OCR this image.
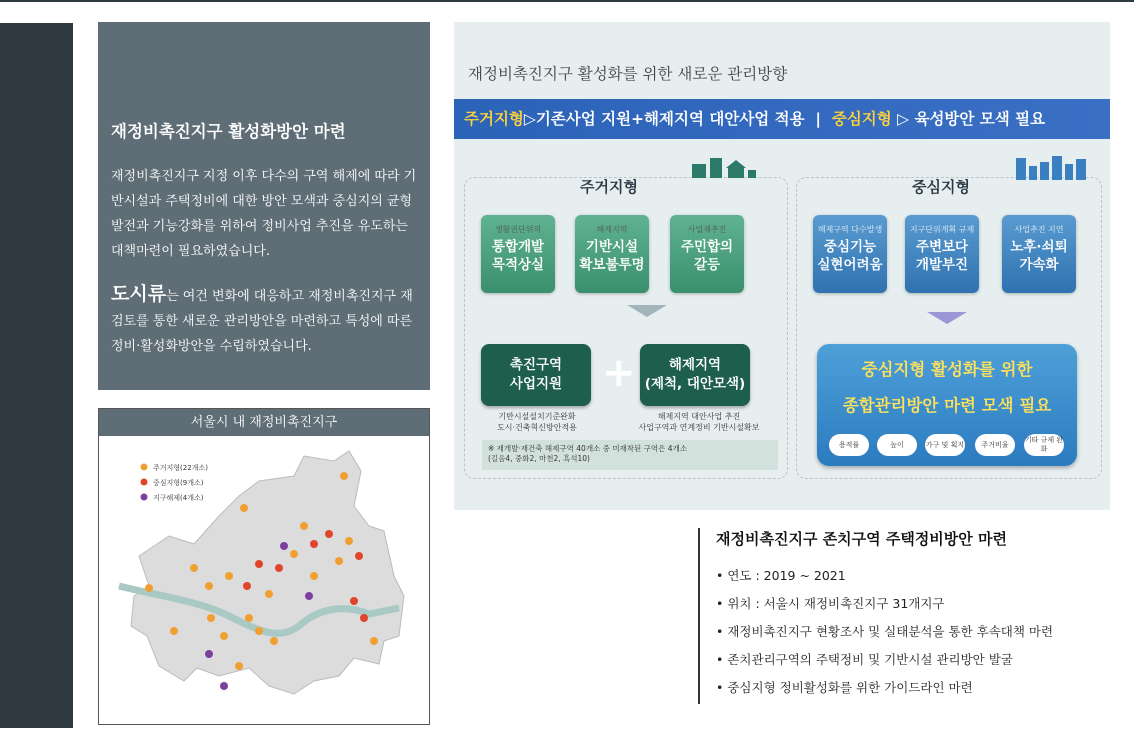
재정비촉진지구 활성화방안 마련

재정비촉진지구 지정 이후 다수의 구역 해제에 따라 기반시설과 주택정비에 대한 방안 모색과 중심지의 균형발전과 기능강화를 위하여 정비사업 추진을 유도하는 대책마련이 필요하였습니다.

도시류는 여건 변화에 대응하고 재정비촉진지구 재검토를 통한 새로운 관리방안을 마련하고 특성에 따른 정비·활성화방안을 수립하였습니다.

서울시 내 재정비촉진지구
주거지형(22개소)
중심지형(9개소)
지구해제(4개소)
재정비촉진지구 활성화를 위한 새로운 관리방향
주거지형▷기존사업 지원+해제지역 대안사업 적용 | 중심지형 ▷ 육성방안 모색 필요
주거지형	중심지형
생활권단위의
통합개발
목적상실
해제지역
기반시설
확보불투명
사업재추진
주민합의
갈등
촉진구역
사업지원 +	해제지역
(제척, 대안모색)
기반시설설치기준완화
도시·건축혁신방안적용
해제지역 대안사업 추진
사업구역과 연계정비 기반시설확보
※ 재개발·재건축 해제구역 40개소 중 미재착된 구역은 4개소
(길음4, 중화2, 마천2, 흑석10)
해제구역 다수발생
중심기능
실현어려움
지구단위계획 규제
주변보다
개발부진
사업추진 지연
노후·쇠퇴
가속화
중심지형 활성화를 위한
종합관리방안 마련 모색 필요
용적률	높이	가구 및 획지	주거비율
기타 규제 완화
재정비촉진지구 존치구역 주택정비방안 마련
• 연도 : 2019 ~ 2021
• 위치 : 서울시 재정비촉진지구 31개지구
• 재정비촉진지구 현황조사 및 실태분석을 통한 후속대책 마련
• 존치관리구역의 주택정비 및 기반시설 관리방안 발굴
• 중심지형 정비활성화를 위한 가이드라인 마련
